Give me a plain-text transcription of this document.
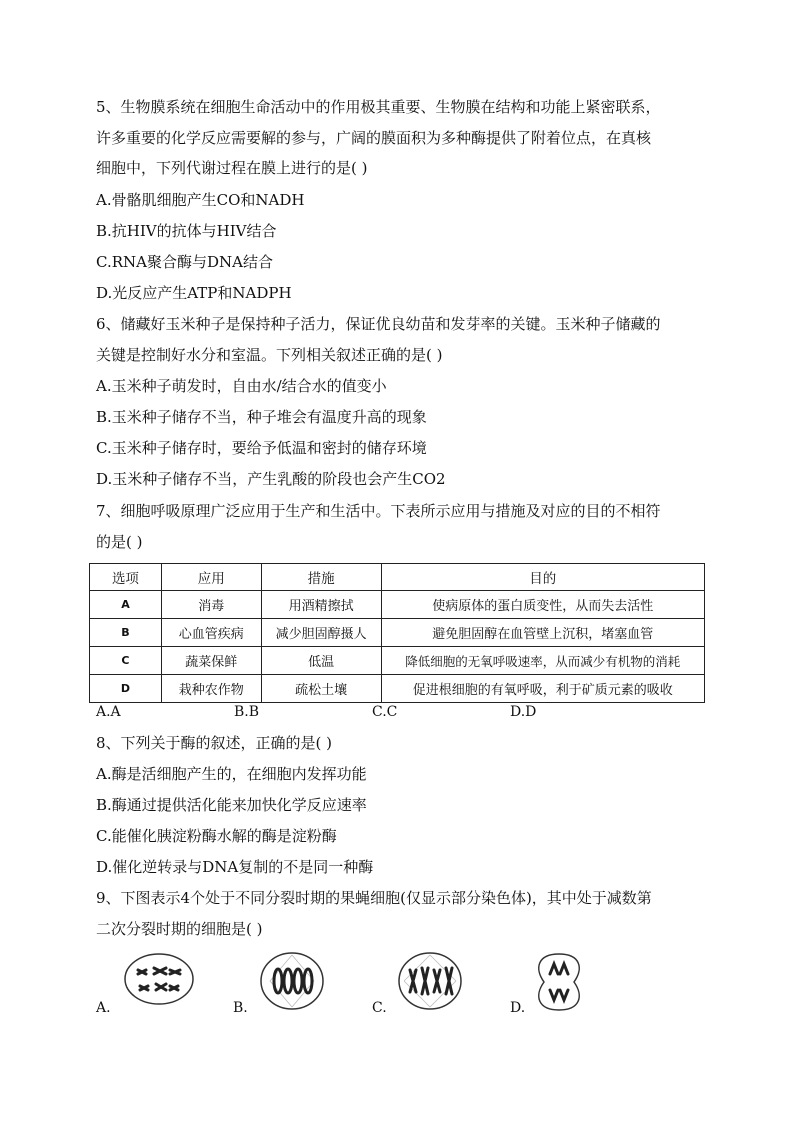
5、生物膜系统在细胞生命活动中的作用极其重要、生物膜在结构和功能上紧密联系，
许多重要的化学反应需要解的参与，广阔的膜面积为多种酶提供了附着位点，在真核
细胞中，下列代谢过程在膜上进行的是( )
A.骨骼肌细胞产生CO和NADH
B.抗HIV的抗体与HIV结合
C.RNA聚合酶与DNA结合
D.光反应产生ATP和NADPH
6、储藏好玉米种子是保持种子活力，保证优良幼苗和发芽率的关键。玉米种子储藏的
关键是控制好水分和室温。下列相关叙述正确的是( )
A.玉米种子萌发时，自由水/结合水的值变小
B.玉米种子储存不当，种子堆会有温度升高的现象
C.玉米种子储存时，要给予低温和密封的储存环境
D.玉米种子储存不当，产生乳酸的阶段也会产生CO2
7、细胞呼吸原理广泛应用于生产和生活中。下表所示应用与措施及对应的目的不相符
的是( )
选项	应用	措施	目的
A	消毒	用酒精擦拭	使病原体的蛋白质变性，从而失去活性
B	心血管疾病	减少胆固醇摄人	避免胆固醇在血管壁上沉积，堵塞血管
C	蔬菜保鲜	低温	降低细胞的无氧呼吸速率，从而减少有机物的消耗
D	栽种农作物	疏松土壤	促进根细胞的有氧呼吸，利于矿质元素的吸收
A.A	B.B	C.C	D.D
8、下列关于酶的叙述，正确的是( )
A.酶是活细胞产生的，在细胞内发挥功能
B.酶通过提供活化能来加快化学反应速率
C.能催化胰淀粉酶水解的酶是淀粉酶
D.催化逆转录与DNA复制的不是同一种酶
9、下图表示4个处于不同分裂时期的果蝇细胞(仅显示部分染色体)，其中处于减数第
二次分裂时期的细胞是( )
A.	B.	C.	D.
